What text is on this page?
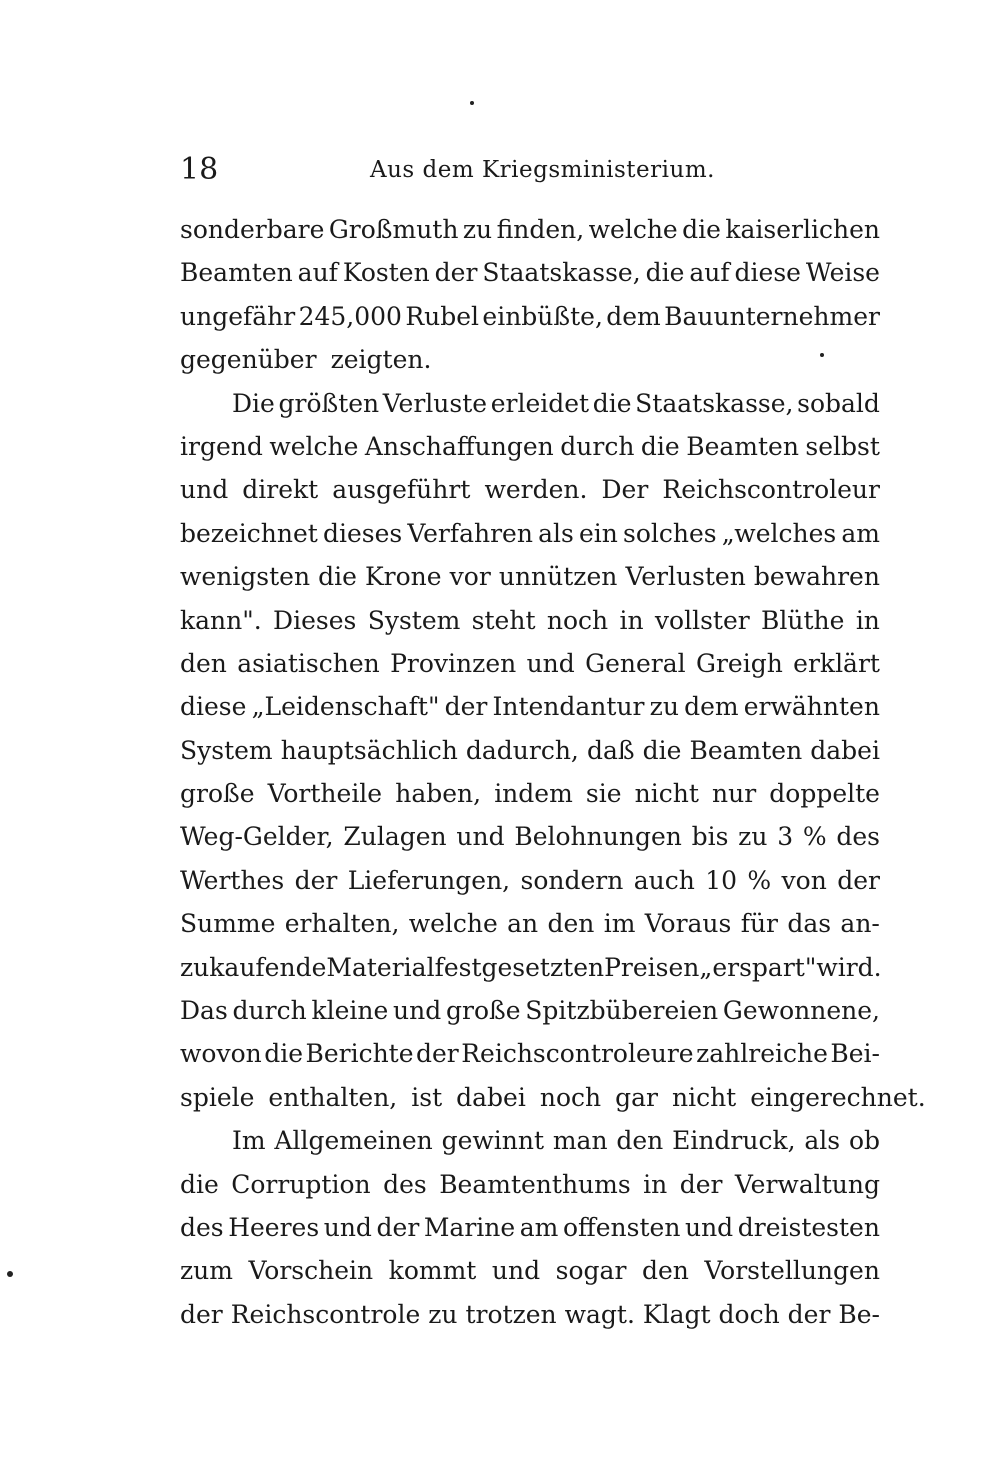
18	Aus dem Kriegsministerium.
sonderbare Großmuth zu finden, welche die kaiserlichen
Beamten auf Kosten der Staatskasse, die auf diese Weise
ungefähr 245,000 Rubel einbüßte, dem Bauunternehmer
gegenüber zeigten.
Die größten Verluste erleidet die Staatskasse, sobald
irgend welche Anschaffungen durch die Beamten selbst
und direkt ausgeführt werden. Der Reichscontroleur
bezeichnet dieses Verfahren als ein solches „welches am
wenigsten die Krone vor unnützen Verlusten bewahren
kann". Dieses System steht noch in vollster Blüthe in
den asiatischen Provinzen und General Greigh erklärt
diese „Leidenschaft" der Intendantur zu dem erwähnten
System hauptsächlich dadurch, daß die Beamten dabei
große Vortheile haben, indem sie nicht nur doppelte
Weg-Gelder, Zulagen und Belohnungen bis zu 3 % des
Werthes der Lieferungen, sondern auch 10 % von der
Summe erhalten, welche an den im Voraus für das an-
zukaufende Material festgesetzten Preisen „erspart" wird.
Das durch kleine und große Spitzbübereien Gewonnene,
wovon die Berichte der Reichscontroleure zahlreiche Bei-
spiele enthalten, ist dabei noch gar nicht eingerechnet.
Im Allgemeinen gewinnt man den Eindruck, als ob
die Corruption des Beamtenthums in der Verwaltung
des Heeres und der Marine am offensten und dreistesten
zum Vorschein kommt und sogar den Vorstellungen
der Reichscontrole zu trotzen wagt. Klagt doch der Be-
